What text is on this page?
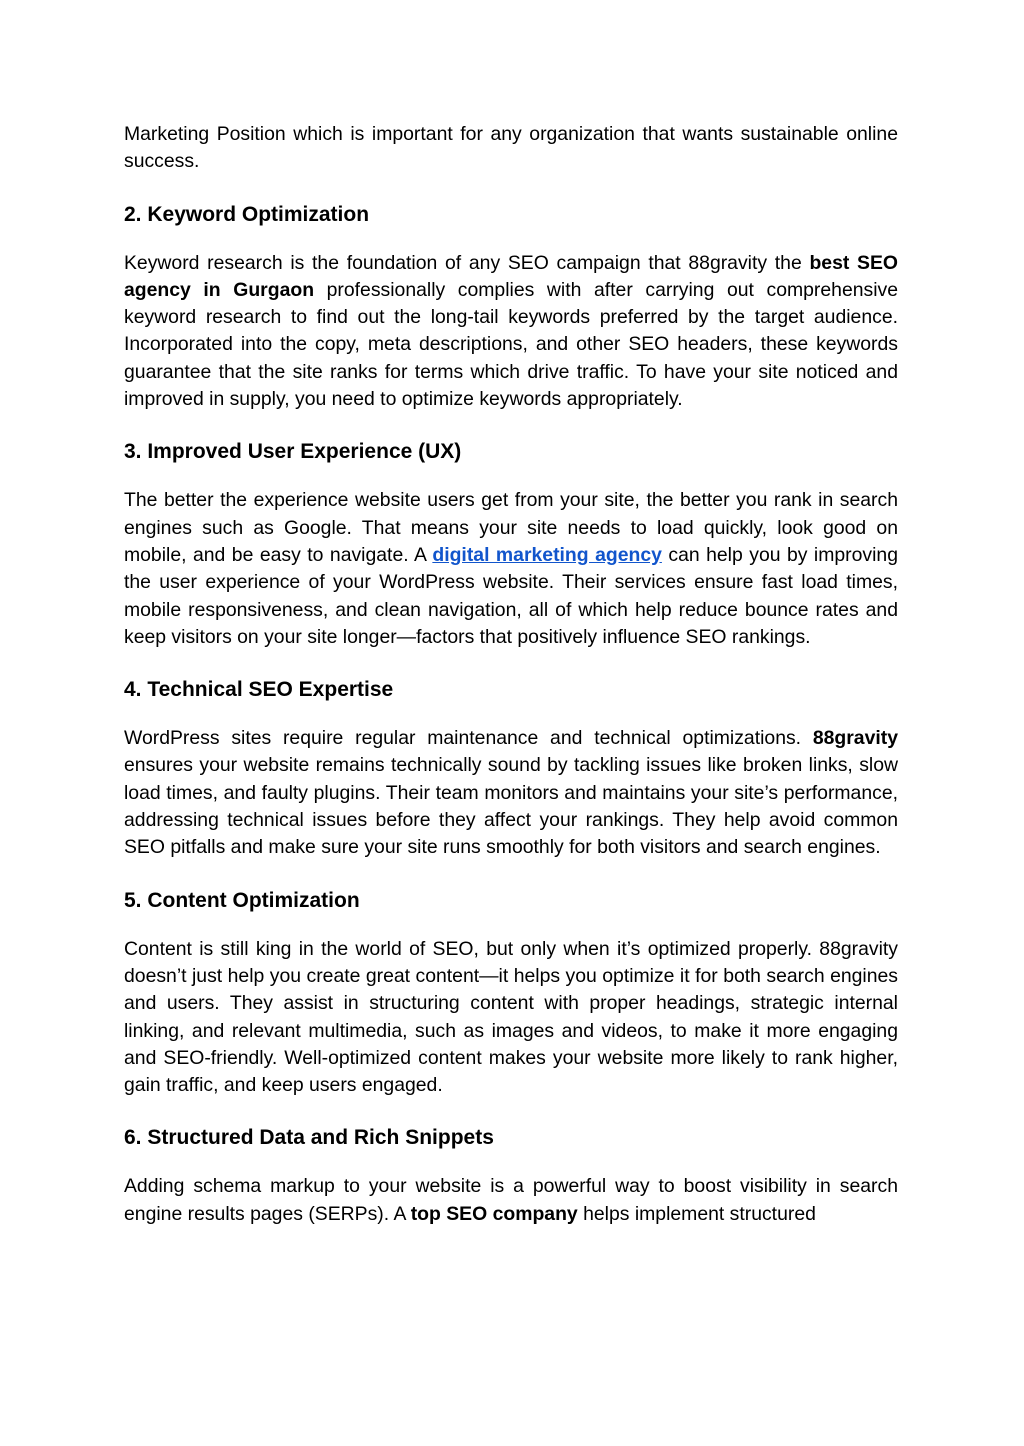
Marketing Position which is important for any organization that wants sustainable online success.

2. Keyword Optimization

Keyword research is the foundation of any SEO campaign that 88gravity the best SEO agency in Gurgaon professionally complies with after carrying out comprehensive keyword research to find out the long-tail keywords preferred by the target audience. Incorporated into the copy, meta descriptions, and other SEO headers, these keywords guarantee that the site ranks for terms which drive traffic. To have your site noticed and improved in supply, you need to optimize keywords appropriately.

3. Improved User Experience (UX)

The better the experience website users get from your site, the better you rank in search engines such as Google. That means your site needs to load quickly, look good on mobile, and be easy to navigate. A digital marketing agency can help you by improving the user experience of your WordPress website. Their services ensure fast load times, mobile responsiveness, and clean navigation, all of which help reduce bounce rates and keep visitors on your site longer—factors that positively influence SEO rankings.

4. Technical SEO Expertise

WordPress sites require regular maintenance and technical optimizations. 88gravity ensures your website remains technically sound by tackling issues like broken links, slow load times, and faulty plugins. Their team monitors and maintains your site’s performance, addressing technical issues before they affect your rankings. They help avoid common SEO pitfalls and make sure your site runs smoothly for both visitors and search engines.

5. Content Optimization

Content is still king in the world of SEO, but only when it’s optimized properly. 88gravity doesn’t just help you create great content—it helps you optimize it for both search engines and users. They assist in structuring content with proper headings, strategic internal linking, and relevant multimedia, such as images and videos, to make it more engaging and SEO-friendly. Well-optimized content makes your website more likely to rank higher, gain traffic, and keep users engaged.

6. Structured Data and Rich Snippets

Adding schema markup to your website is a powerful way to boost visibility in search engine results pages (SERPs). A top SEO company helps implement structured
